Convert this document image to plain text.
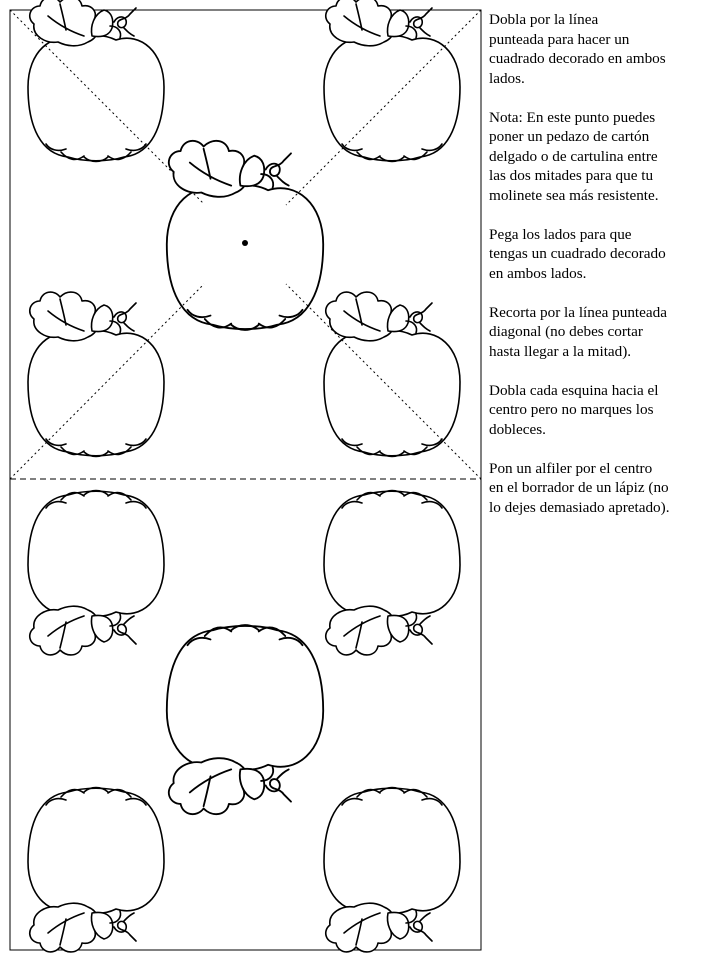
Dobla por la línea
punteada para hacer un
cuadrado decorado en ambos
lados.

Nota: En este punto puedes
poner un pedazo de cartón
delgado o de cartulina entre
las dos mitades para que tu
molinete sea más resistente.

Pega los lados para que
tengas un cuadrado decorado
en ambos lados.

Recorta por la línea punteada
diagonal (no debes cortar
hasta llegar a la mitad).

Dobla cada esquina hacia el
centro pero no marques los
dobleces.

Pon un alfiler por el centro
en el borrador de un lápiz (no
lo dejes demasiado apretado).
